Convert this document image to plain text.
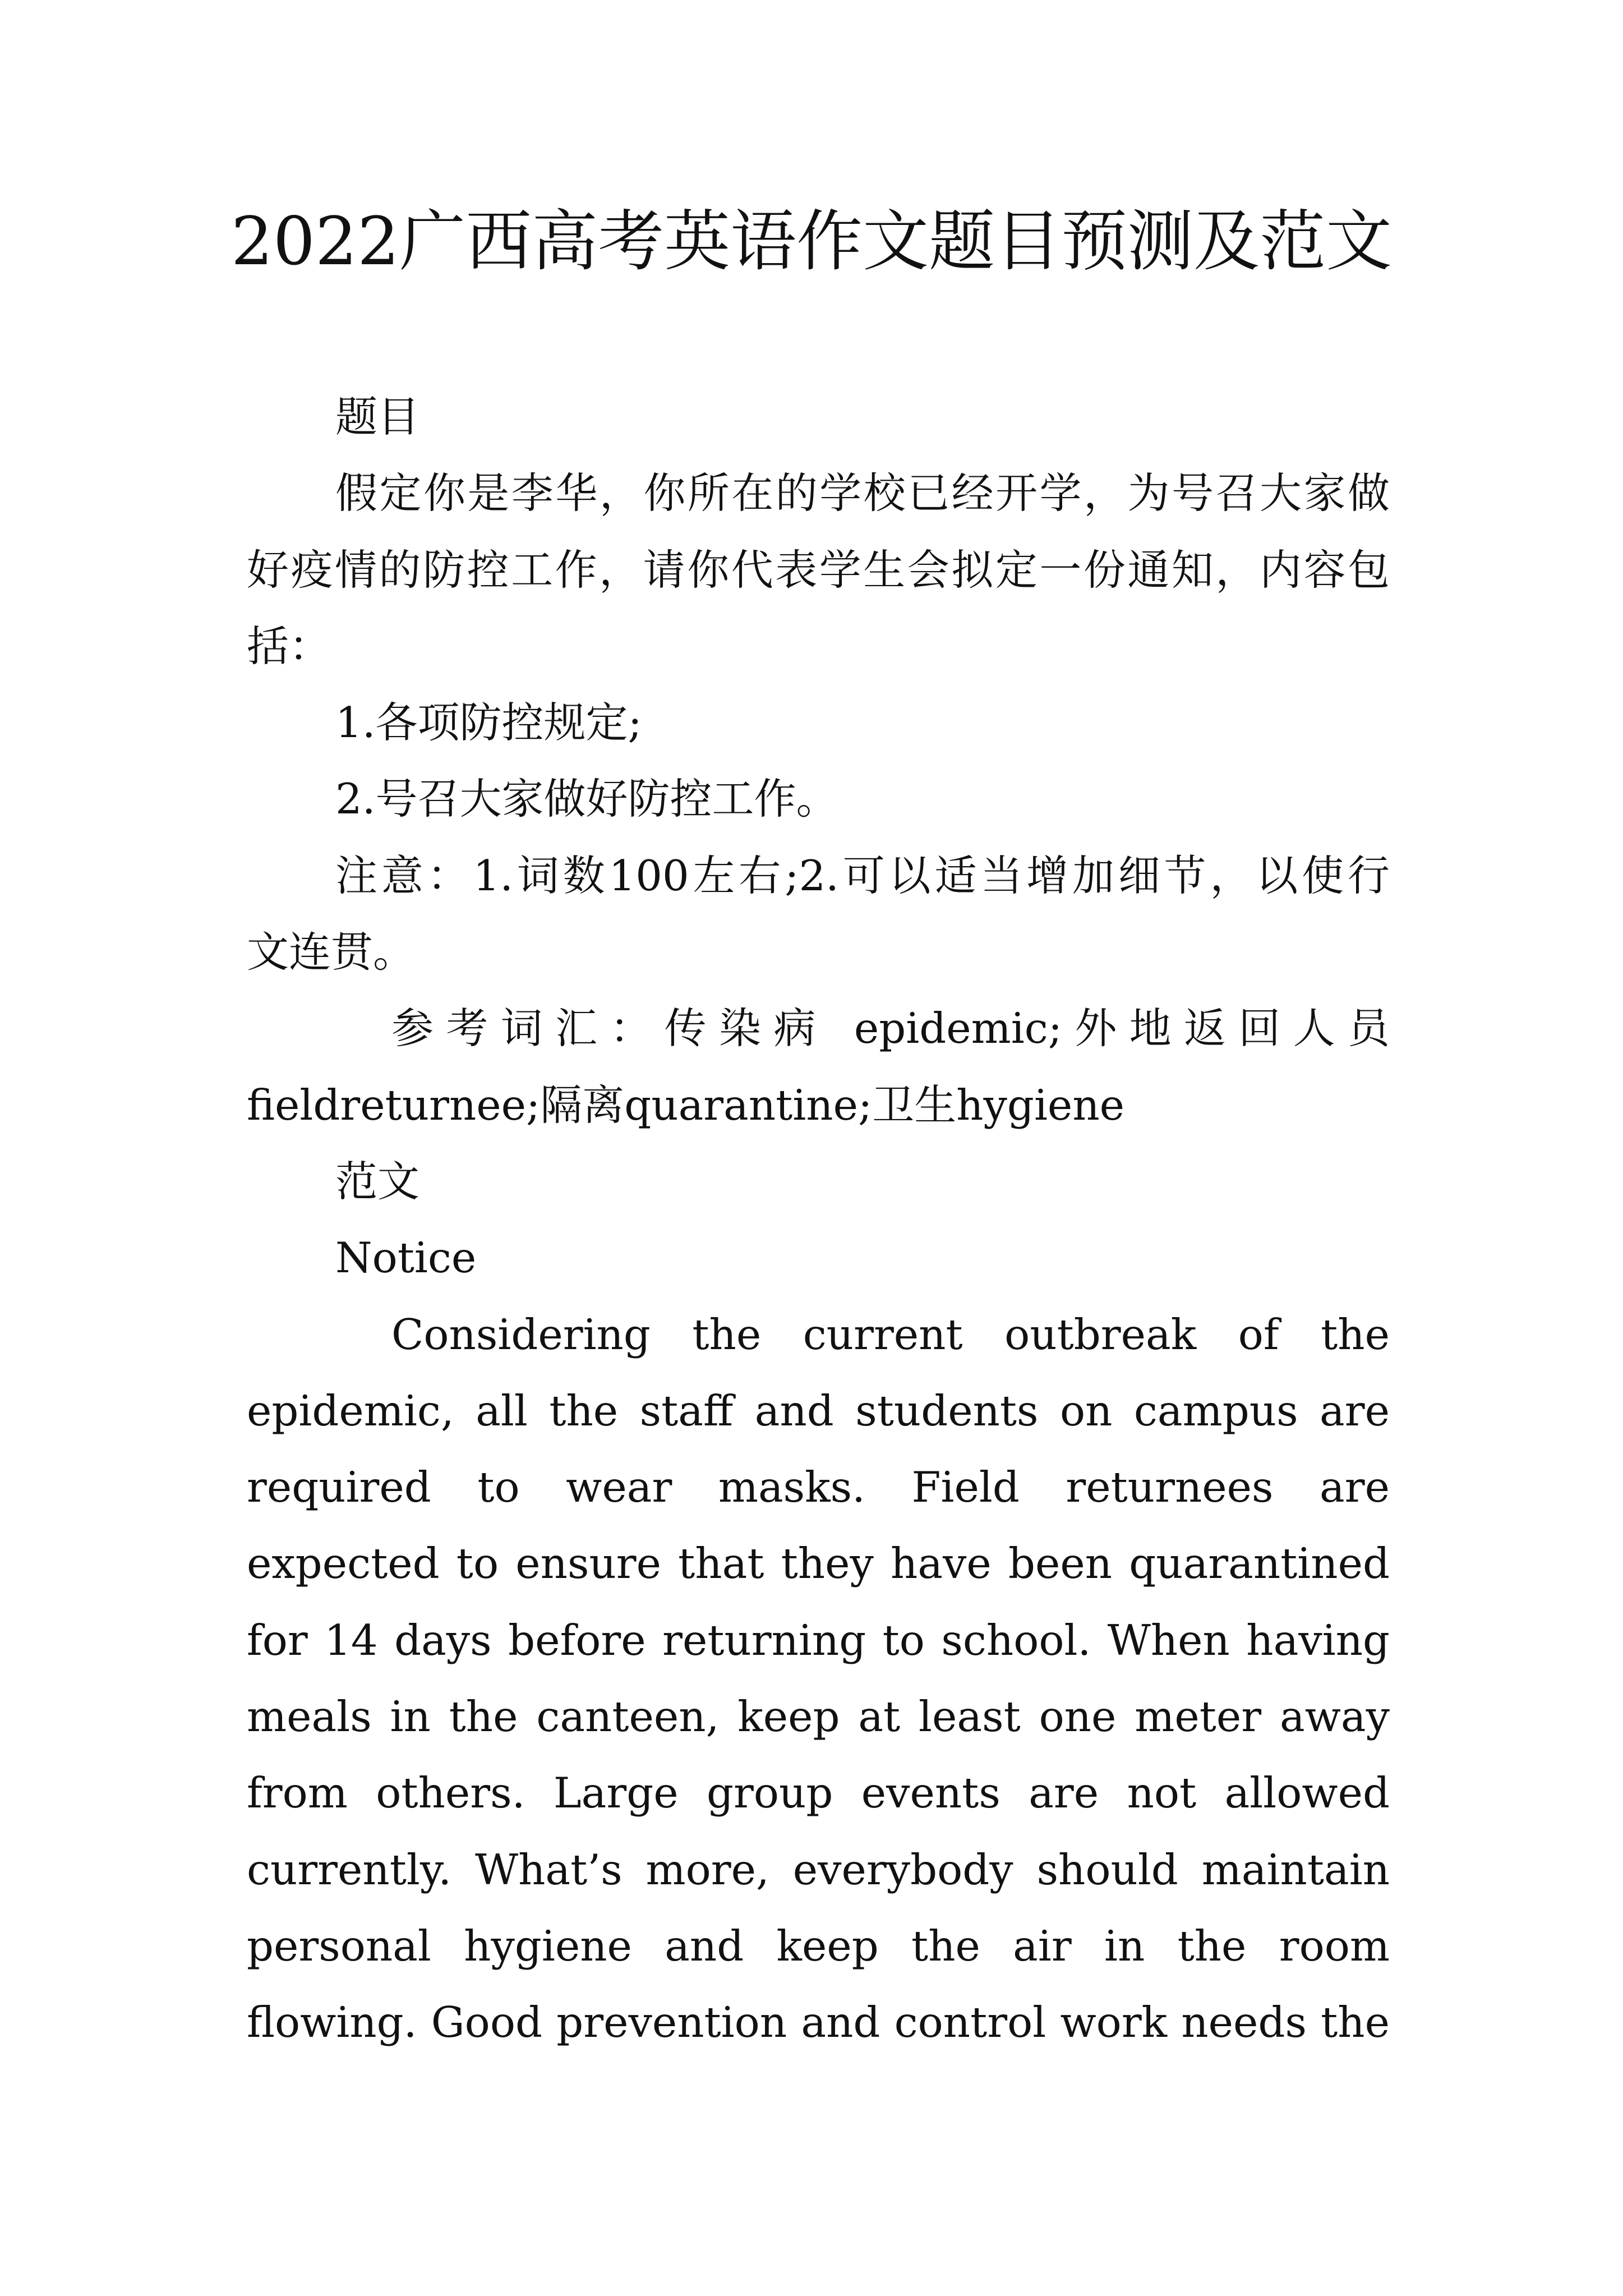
2022广西高考英语作文题目预测及范文
题目
假定你是李华，你所在的学校已经开学，为号召大家做
好疫情的防控工作，请你代表学生会拟定一份通知，内容包
括：
1.各项防控规定;
2.号召大家做好防控工作。
注意：1.词数100左右;2.可以适当增加细节，以使行
文连贯。
参考词汇：传染病 epidemic;外地返回人员
fieldreturnee;隔离quarantine;卫生hygiene
范文
Notice
Considering the current outbreak of the
epidemic, all the staff and students on campus are
required to wear masks. Field returnees are
expected to ensure that they have been quarantined
for 14 days before returning to school. When having
meals in the canteen, keep at least one meter away
from others. Large group events are not allowed
currently. What’s more, everybody should maintain
personal hygiene and keep the air in the room
flowing. Good prevention and control work needs the
